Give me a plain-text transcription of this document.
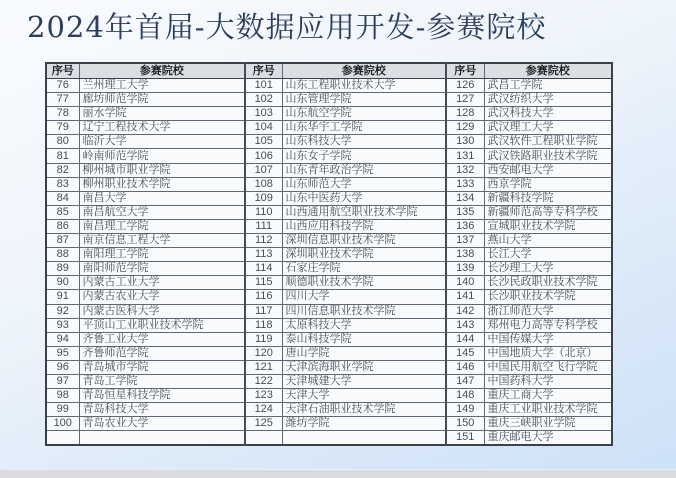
2024年首届-大数据应用开发-参赛院校
序号	参赛院校	序号	参赛院校	序号	参赛院校
76	兰州理工大学	101	山东工程职业技术大学	126	武昌工学院
77	廊坊师范学院	102	山东管理学院	127	武汉纺织大学
78	丽水学院	103	山东航空学院	128	武汉科技大学
79	辽宁工程技术大学	104	山东华宇工学院	129	武汉理工大学
80	临沂大学	105	山东科技大学	130	武汉软件工程职业学院
81	岭南师范学院	106	山东女子学院	131	武汉铁路职业技术学院
82	柳州城市职业学院	107	山东青年政治学院	132	西安邮电大学
83	柳州职业技术学院	108	山东师范大学	133	西京学院
84	南昌大学	109	山东中医药大学	134	新疆科技学院
85	南昌航空大学	110	山西通用航空职业技术学院	135	新疆师范高等专科学校
86	南昌理工学院	111	山西应用科技学院	136	宣城职业技术学院
87	南京信息工程大学	112	深圳信息职业技术学院	137	燕山大学
88	南阳理工学院	113	深圳职业技术学院	138	长江大学
89	南阳师范学院	114	石家庄学院	139	长沙理工大学
90	内蒙古工业大学	115	顺德职业技术学院	140	长沙民政职业技术学院
91	内蒙古农业大学	116	四川大学	141	长沙职业技术学院
92	内蒙古医科大学	117	四川信息职业技术学院	142	浙江师范大学
93	平顶山工业职业技术学院	118	太原科技大学	143	郑州电力高等专科学校
94	齐鲁工业大学	119	泰山科技学院	144	中国传媒大学
95	齐鲁师范学院	120	唐山学院	145	中国地质大学（北京）
96	青岛城市学院	121	天津滨海职业学院	146	中国民用航空飞行学院
97	青岛工学院	122	天津城建大学	147	中国药科大学
98	青岛恒星科技学院	123	天津大学	148	重庆工商大学
99	青岛科技大学	124	天津石油职业技术学院	149	重庆工业职业技术学院
100	青岛农业大学	125	潍坊学院	150	重庆三峡职业学院
				151	重庆邮电大学
